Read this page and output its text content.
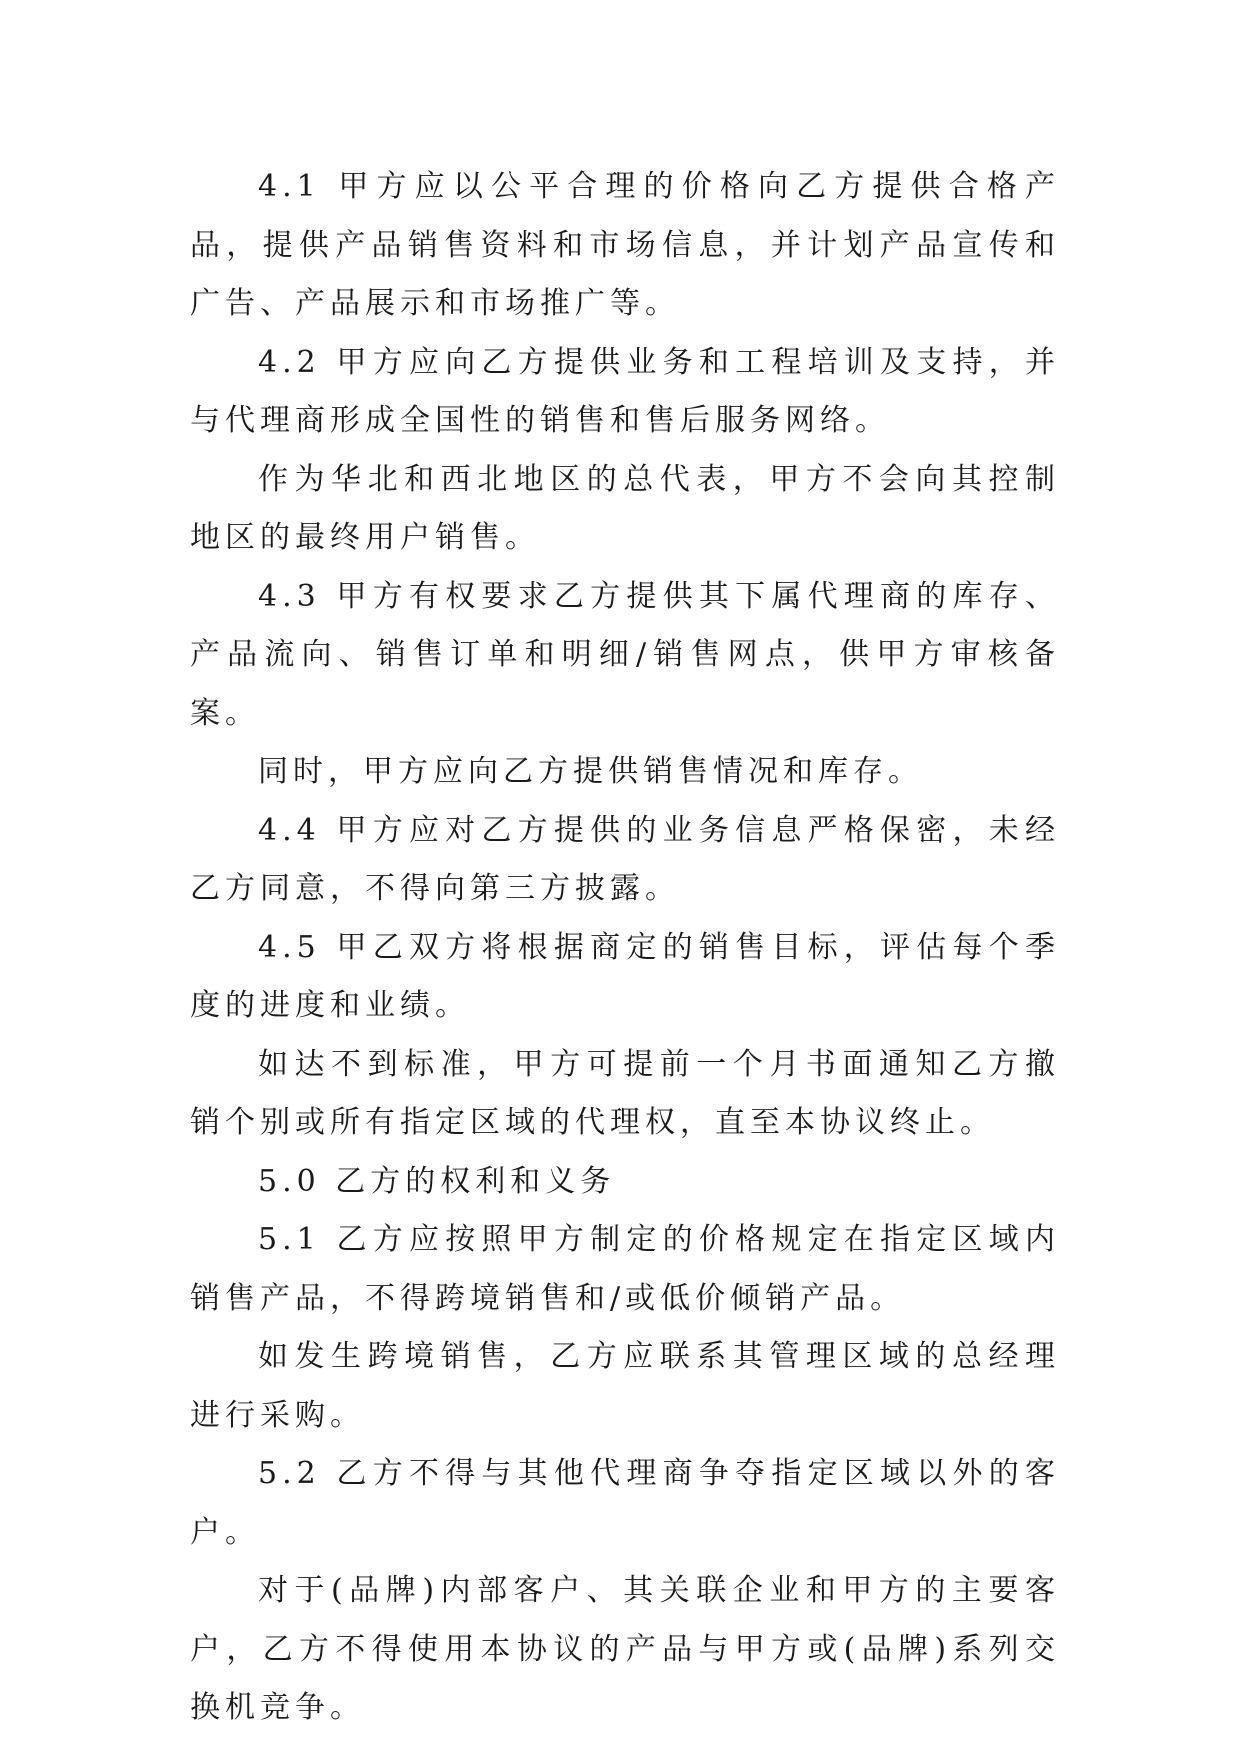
4.1 甲方应以公平合理的价格向乙方提供合格产品，提供产品销售资料和市场信息，并计划产品宣传和广告、产品展示和市场推广等。

4.2 甲方应向乙方提供业务和工程培训及支持，并与代理商形成全国性的销售和售后服务网络。

作为华北和西北地区的总代表，甲方不会向其控制地区的最终用户销售。

4.3 甲方有权要求乙方提供其下属代理商的库存、产品流向、销售订单和明细/销售网点，供甲方审核备案。

同时，甲方应向乙方提供销售情况和库存。

4.4 甲方应对乙方提供的业务信息严格保密，未经乙方同意，不得向第三方披露。

4.5 甲乙双方将根据商定的销售目标，评估每个季度的进度和业绩。

如达不到标准，甲方可提前一个月书面通知乙方撤销个别或所有指定区域的代理权，直至本协议终止。

5.0 乙方的权利和义务

5.1 乙方应按照甲方制定的价格规定在指定区域内销售产品，不得跨境销售和/或低价倾销产品。

如发生跨境销售，乙方应联系其管理区域的总经理进行采购。

5.2 乙方不得与其他代理商争夺指定区域以外的客户。

对于(品牌)内部客户、其关联企业和甲方的主要客户，乙方不得使用本协议的产品与甲方或(品牌)系列交换机竞争。
